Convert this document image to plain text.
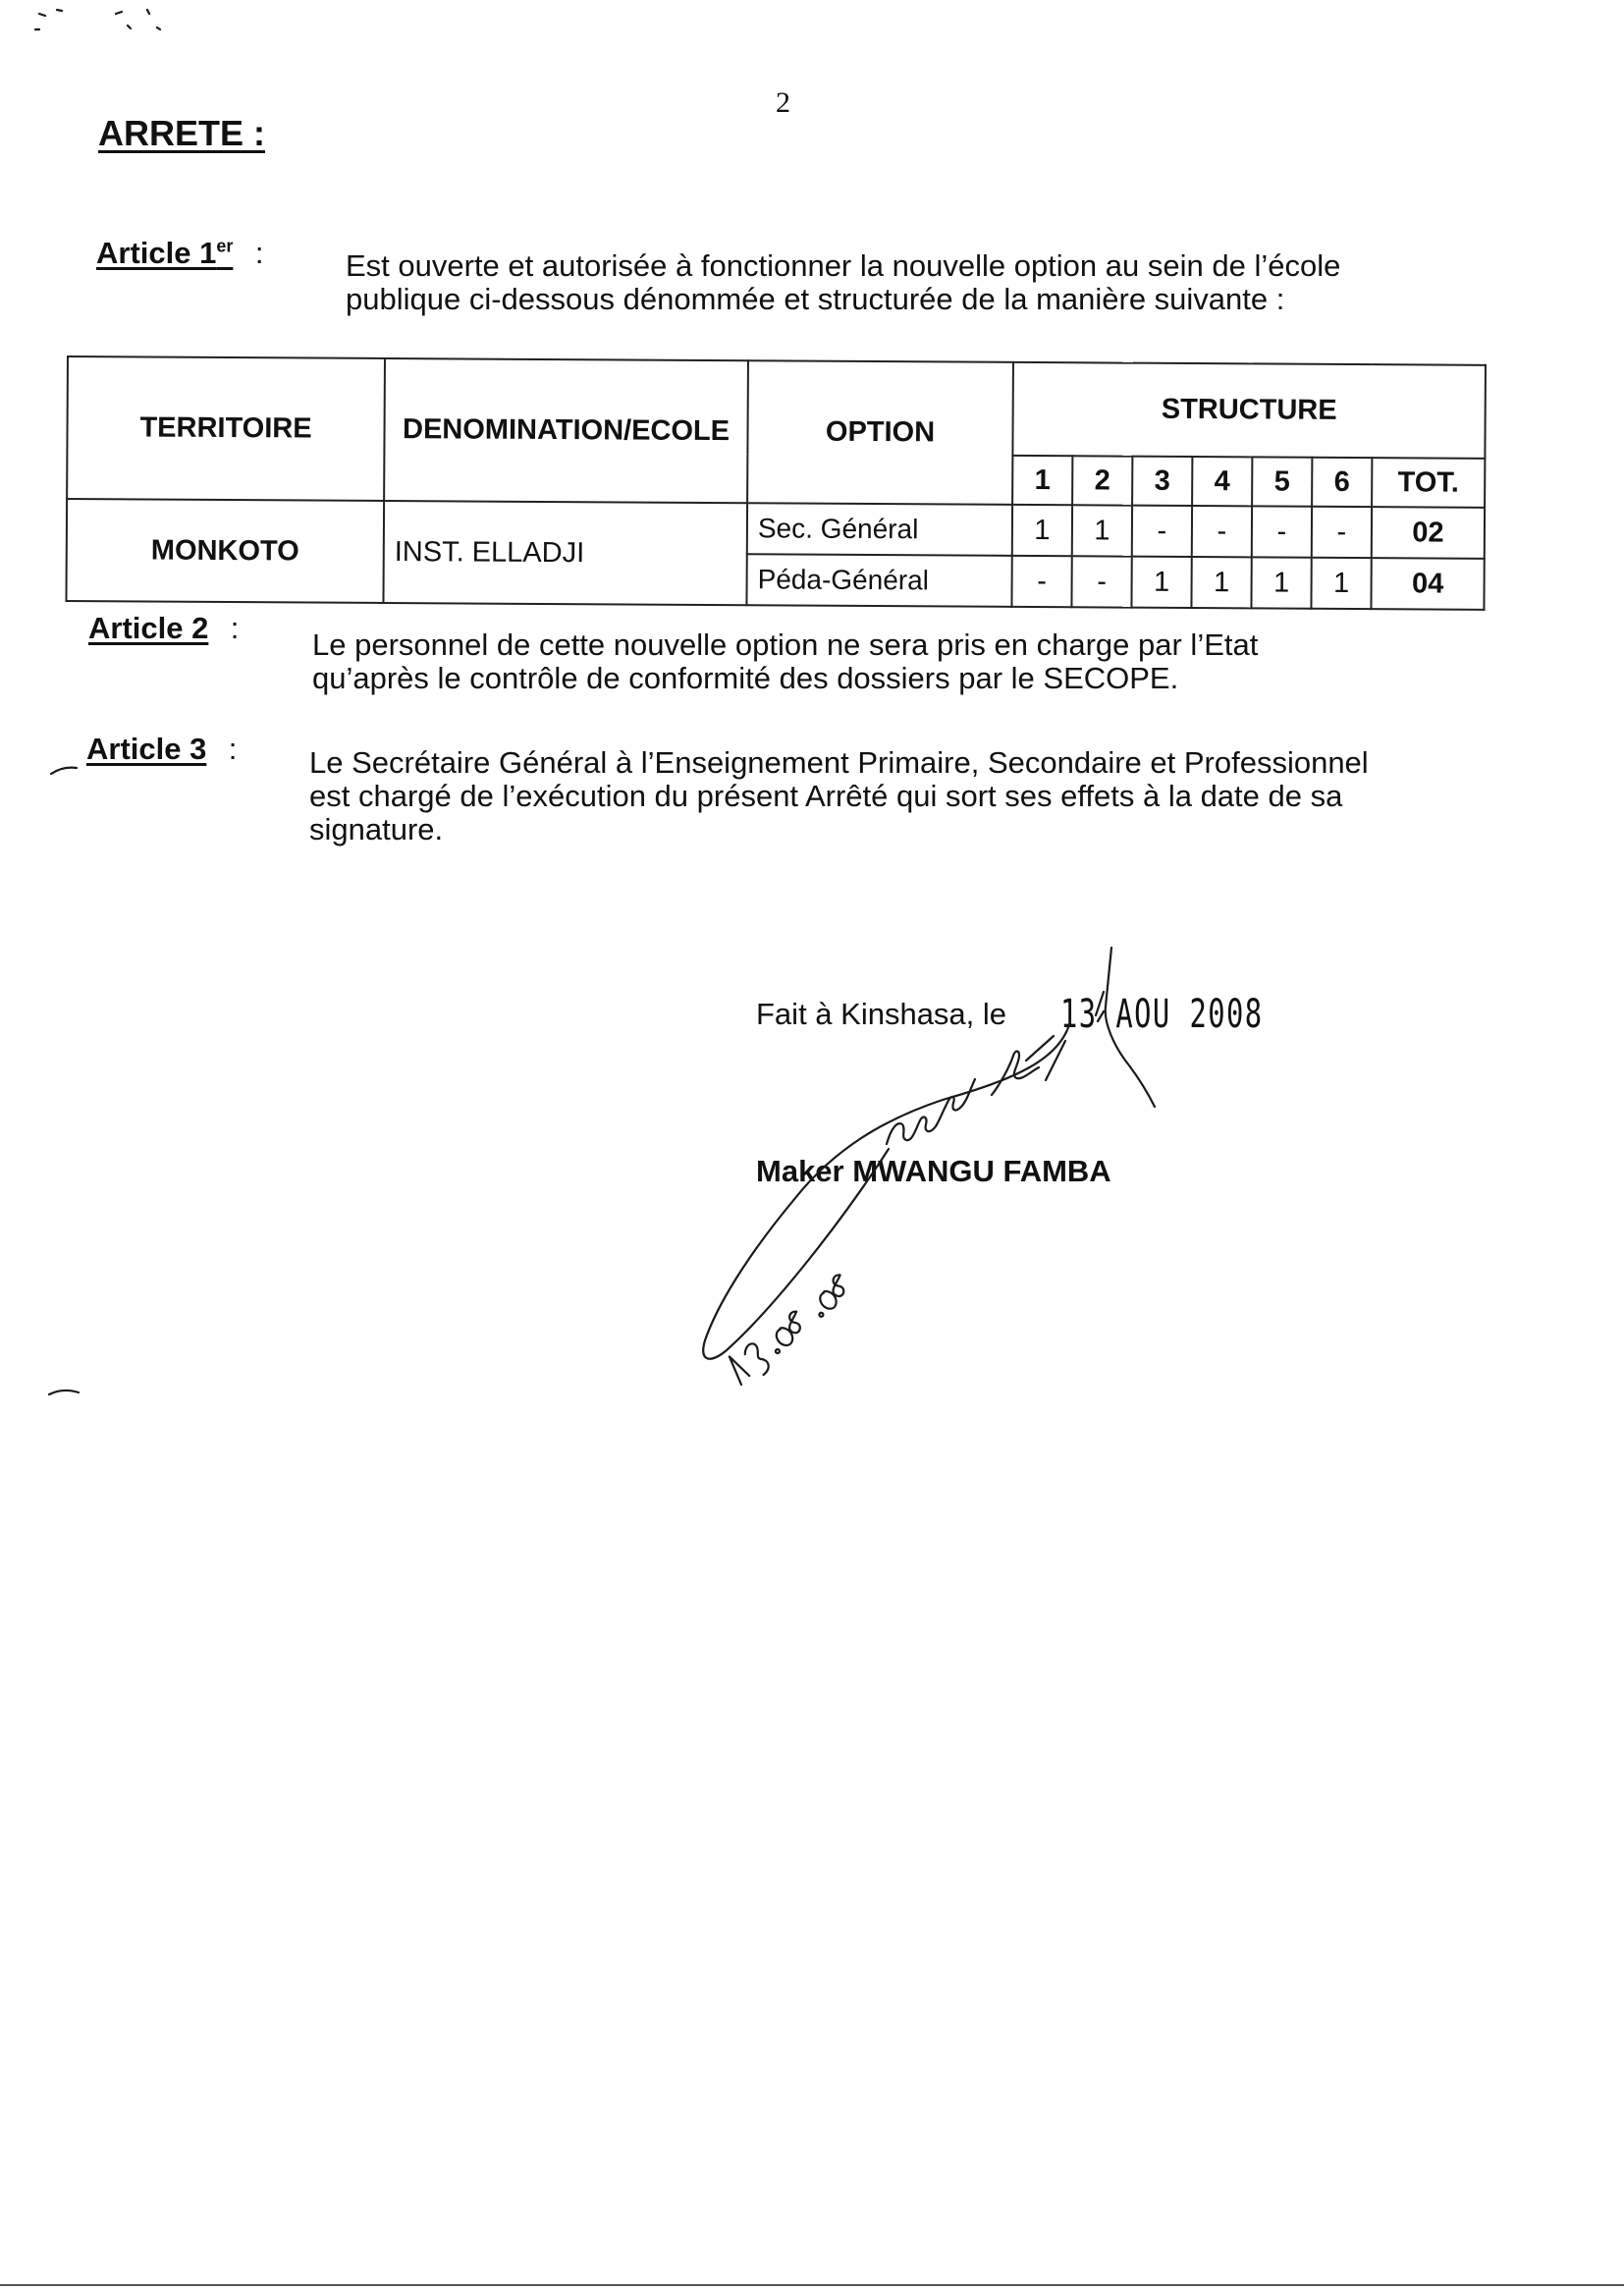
2
ARRETE :
Article 1er :	Est ouverte et autorisée à fonctionner la nouvelle option au sein de l’école
publique ci-dessous dénommée et structurée de la manière suivante :
TERRITOIRE	DENOMINATION/ECOLE	OPTION	STRUCTURE						
			1	2	3	4	5	6	TOT.
MONKOTO	INST. ELLADJI	Sec. Général	1	1	-	-	-	-	02
		Péda-Général	-	-	1	1	1	1	04
Article 2 : Le personnel de cette nouvelle option ne sera pris en charge par l’Etat
qu’après le contrôle de conformité des dossiers par le SECOPE.
Article 3 : Le Secrétaire Général à l’Enseignement Primaire, Secondaire et Professionnel
est chargé de l’exécution du présent Arrêté qui sort ses effets à la date de sa
signature.
Fait à Kinshasa, le 13 AOU 2008
Maker MWANGU FAMBA
